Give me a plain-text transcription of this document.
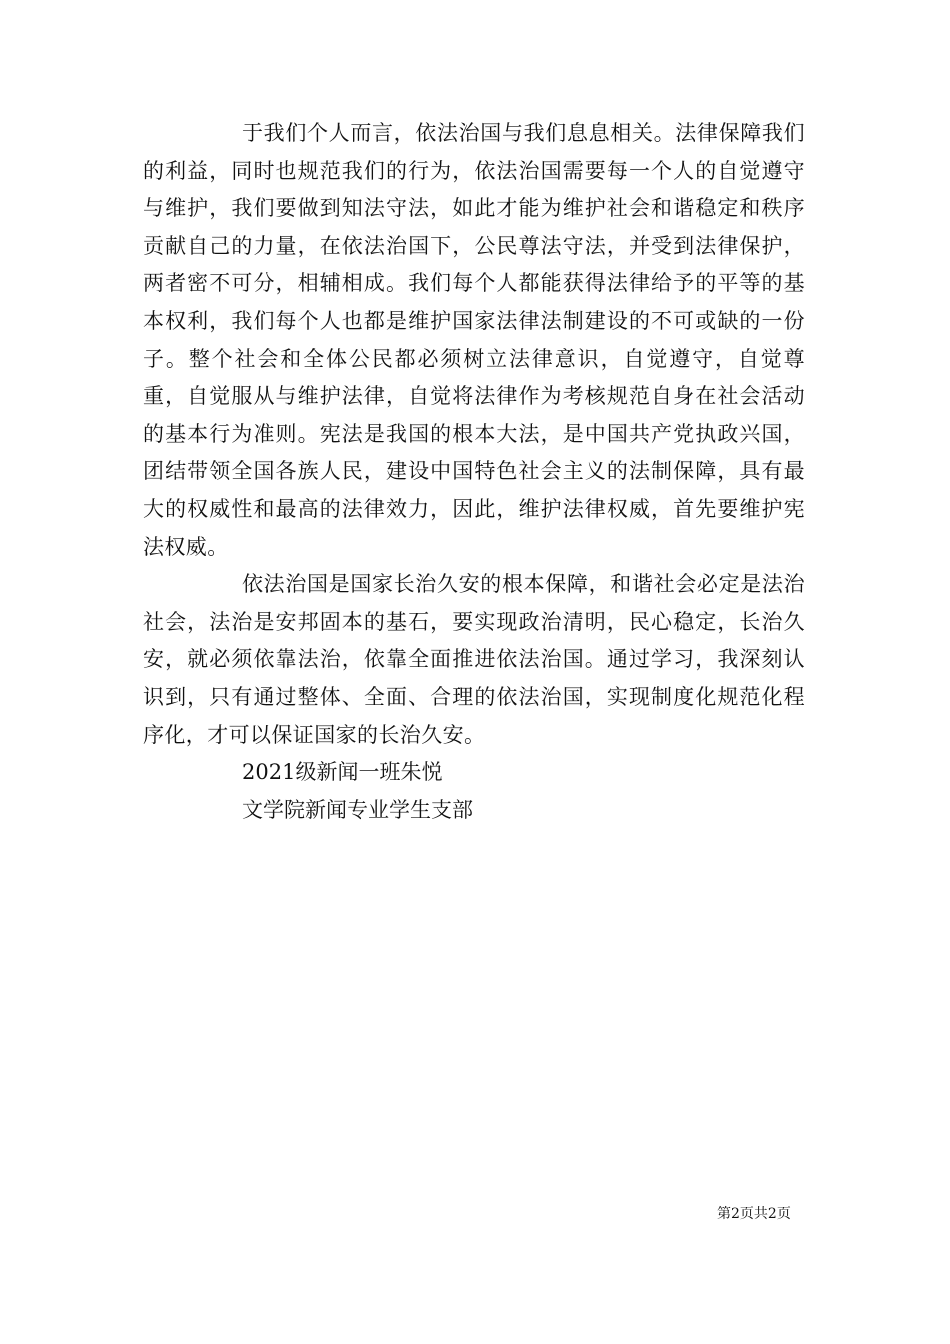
于我们个人而言，依法治国与我们息息相关。法律保障我们的利益，同时也规范我们的行为，依法治国需要每一个人的自觉遵守与维护，我们要做到知法守法，如此才能为维护社会和谐稳定和秩序贡献自己的力量，在依法治国下，公民尊法守法，并受到法律保护，两者密不可分，相辅相成。我们每个人都能获得法律给予的平等的基本权利，我们每个人也都是维护国家法律法制建设的不可或缺的一份子。整个社会和全体公民都必须树立法律意识，自觉遵守，自觉尊重，自觉服从与维护法律，自觉将法律作为考核规范自身在社会活动的基本行为准则。宪法是我国的根本大法，是中国共产党执政兴国，团结带领全国各族人民，建设中国特色社会主义的法制保障，具有最大的权威性和最高的法律效力，因此，维护法律权威，首先要维护宪法权威。

依法治国是国家长治久安的根本保障，和谐社会必定是法治社会，法治是安邦固本的基石，要实现政治清明，民心稳定，长治久安，就必须依靠法治，依靠全面推进依法治国。通过学习，我深刻认识到，只有通过整体、全面、合理的依法治国，实现制度化规范化程序化，才可以保证国家的长治久安。

2021级新闻一班朱悦

文学院新闻专业学生支部

第2页共2页
